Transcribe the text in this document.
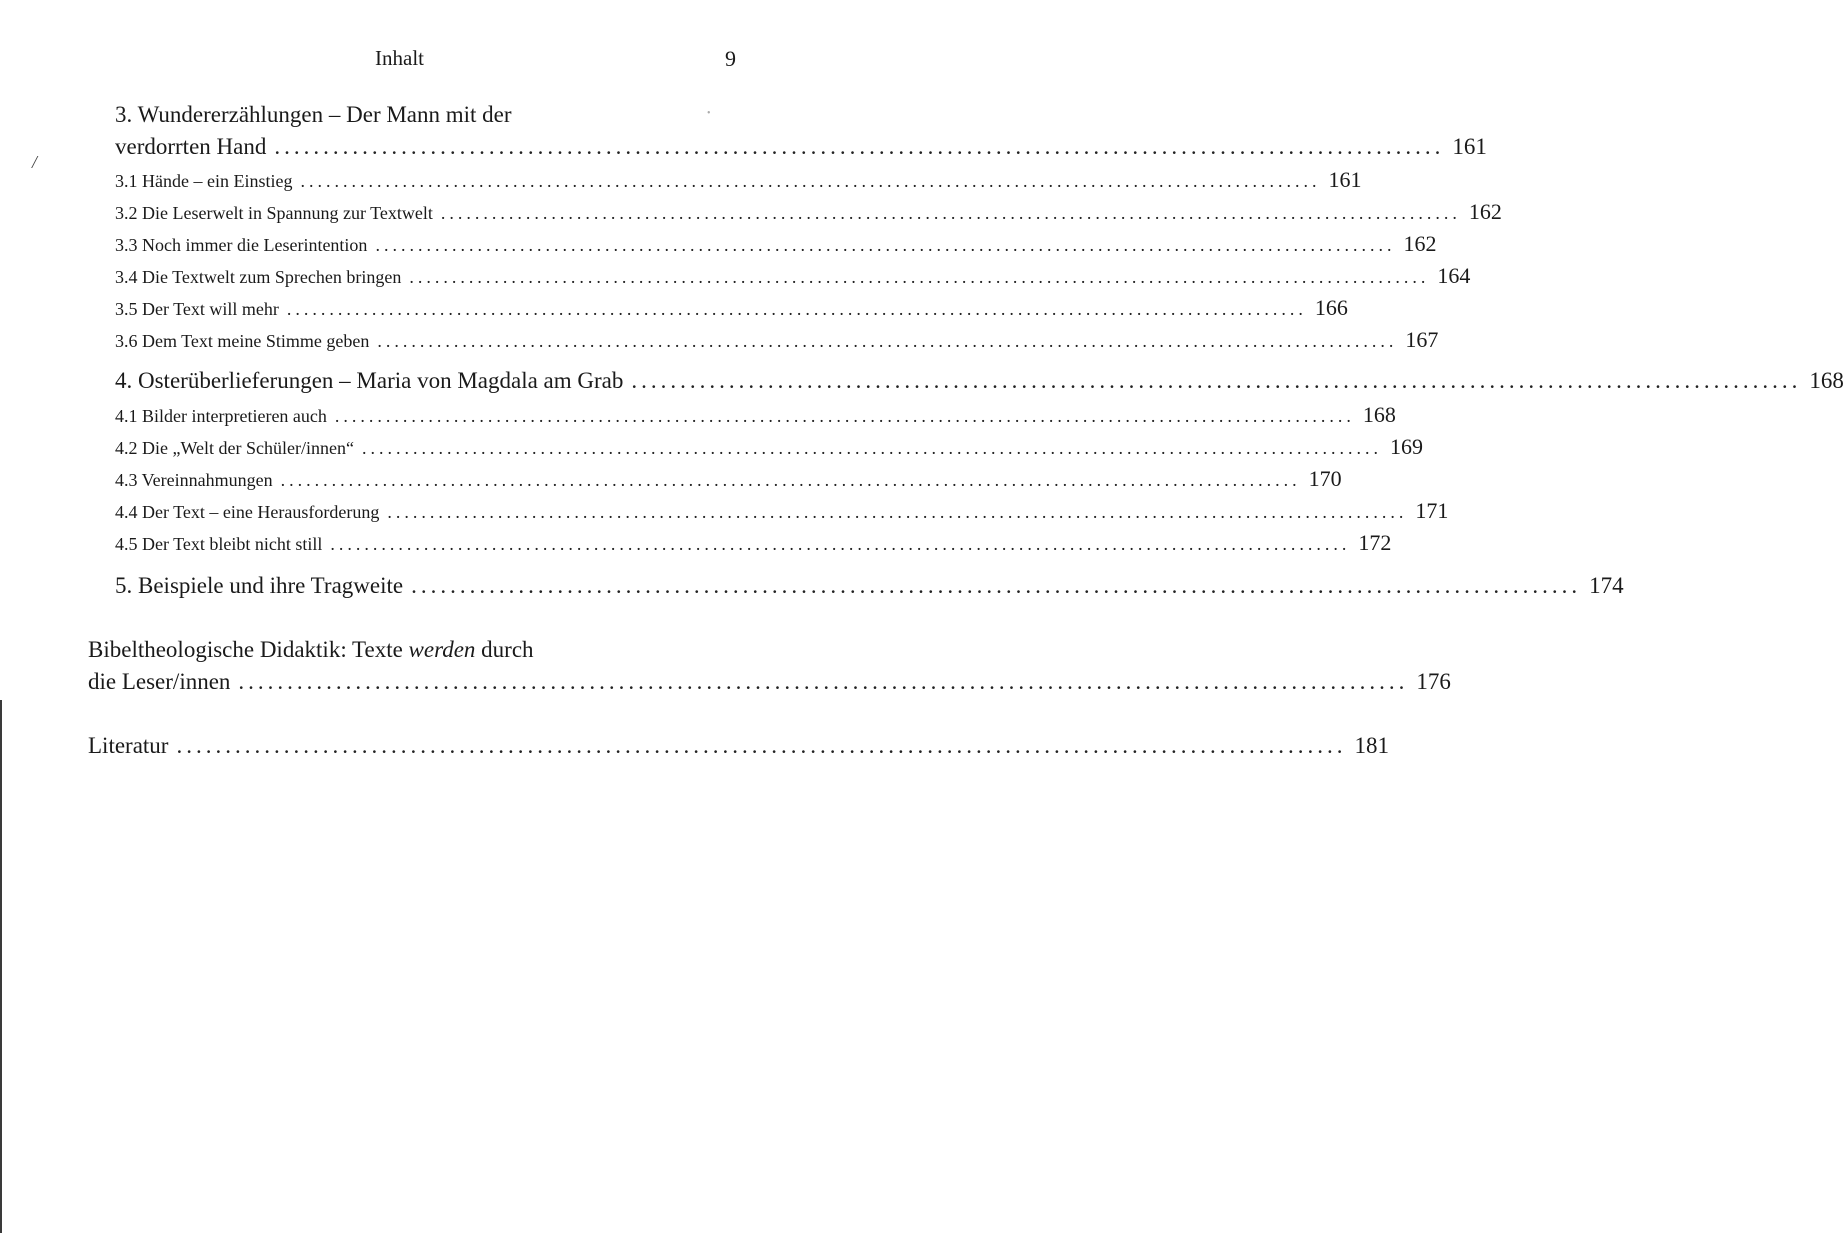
/
•
Inhalt	9
3. Wundererzählungen – Der Mann mit der
verdorrten Hand ........................................................................................................................ 161
3.1 Hände – ein Einstieg ........................................................................................................................ 161
3.2 Die Leserwelt in Spannung zur Textwelt ........................................................................................................................ 162
3.3 Noch immer die Leserintention ........................................................................................................................ 162
3.4 Die Textwelt zum Sprechen bringen ........................................................................................................................ 164
3.5 Der Text will mehr ........................................................................................................................ 166
3.6 Dem Text meine Stimme geben ........................................................................................................................ 167
4. Osterüberlieferungen – Maria von Magdala am Grab ........................................................................................................................ 168
4.1 Bilder interpretieren auch ........................................................................................................................ 168
4.2 Die „Welt der Schüler/innen“ ........................................................................................................................ 169
4.3 Vereinnahmungen ........................................................................................................................ 170
4.4 Der Text – eine Herausforderung ........................................................................................................................ 171
4.5 Der Text bleibt nicht still ........................................................................................................................ 172
5. Beispiele und ihre Tragweite ........................................................................................................................ 174
Bibeltheologische Didaktik: Texte werden durch
die Leser/innen ........................................................................................................................ 176
Literatur ........................................................................................................................ 181
